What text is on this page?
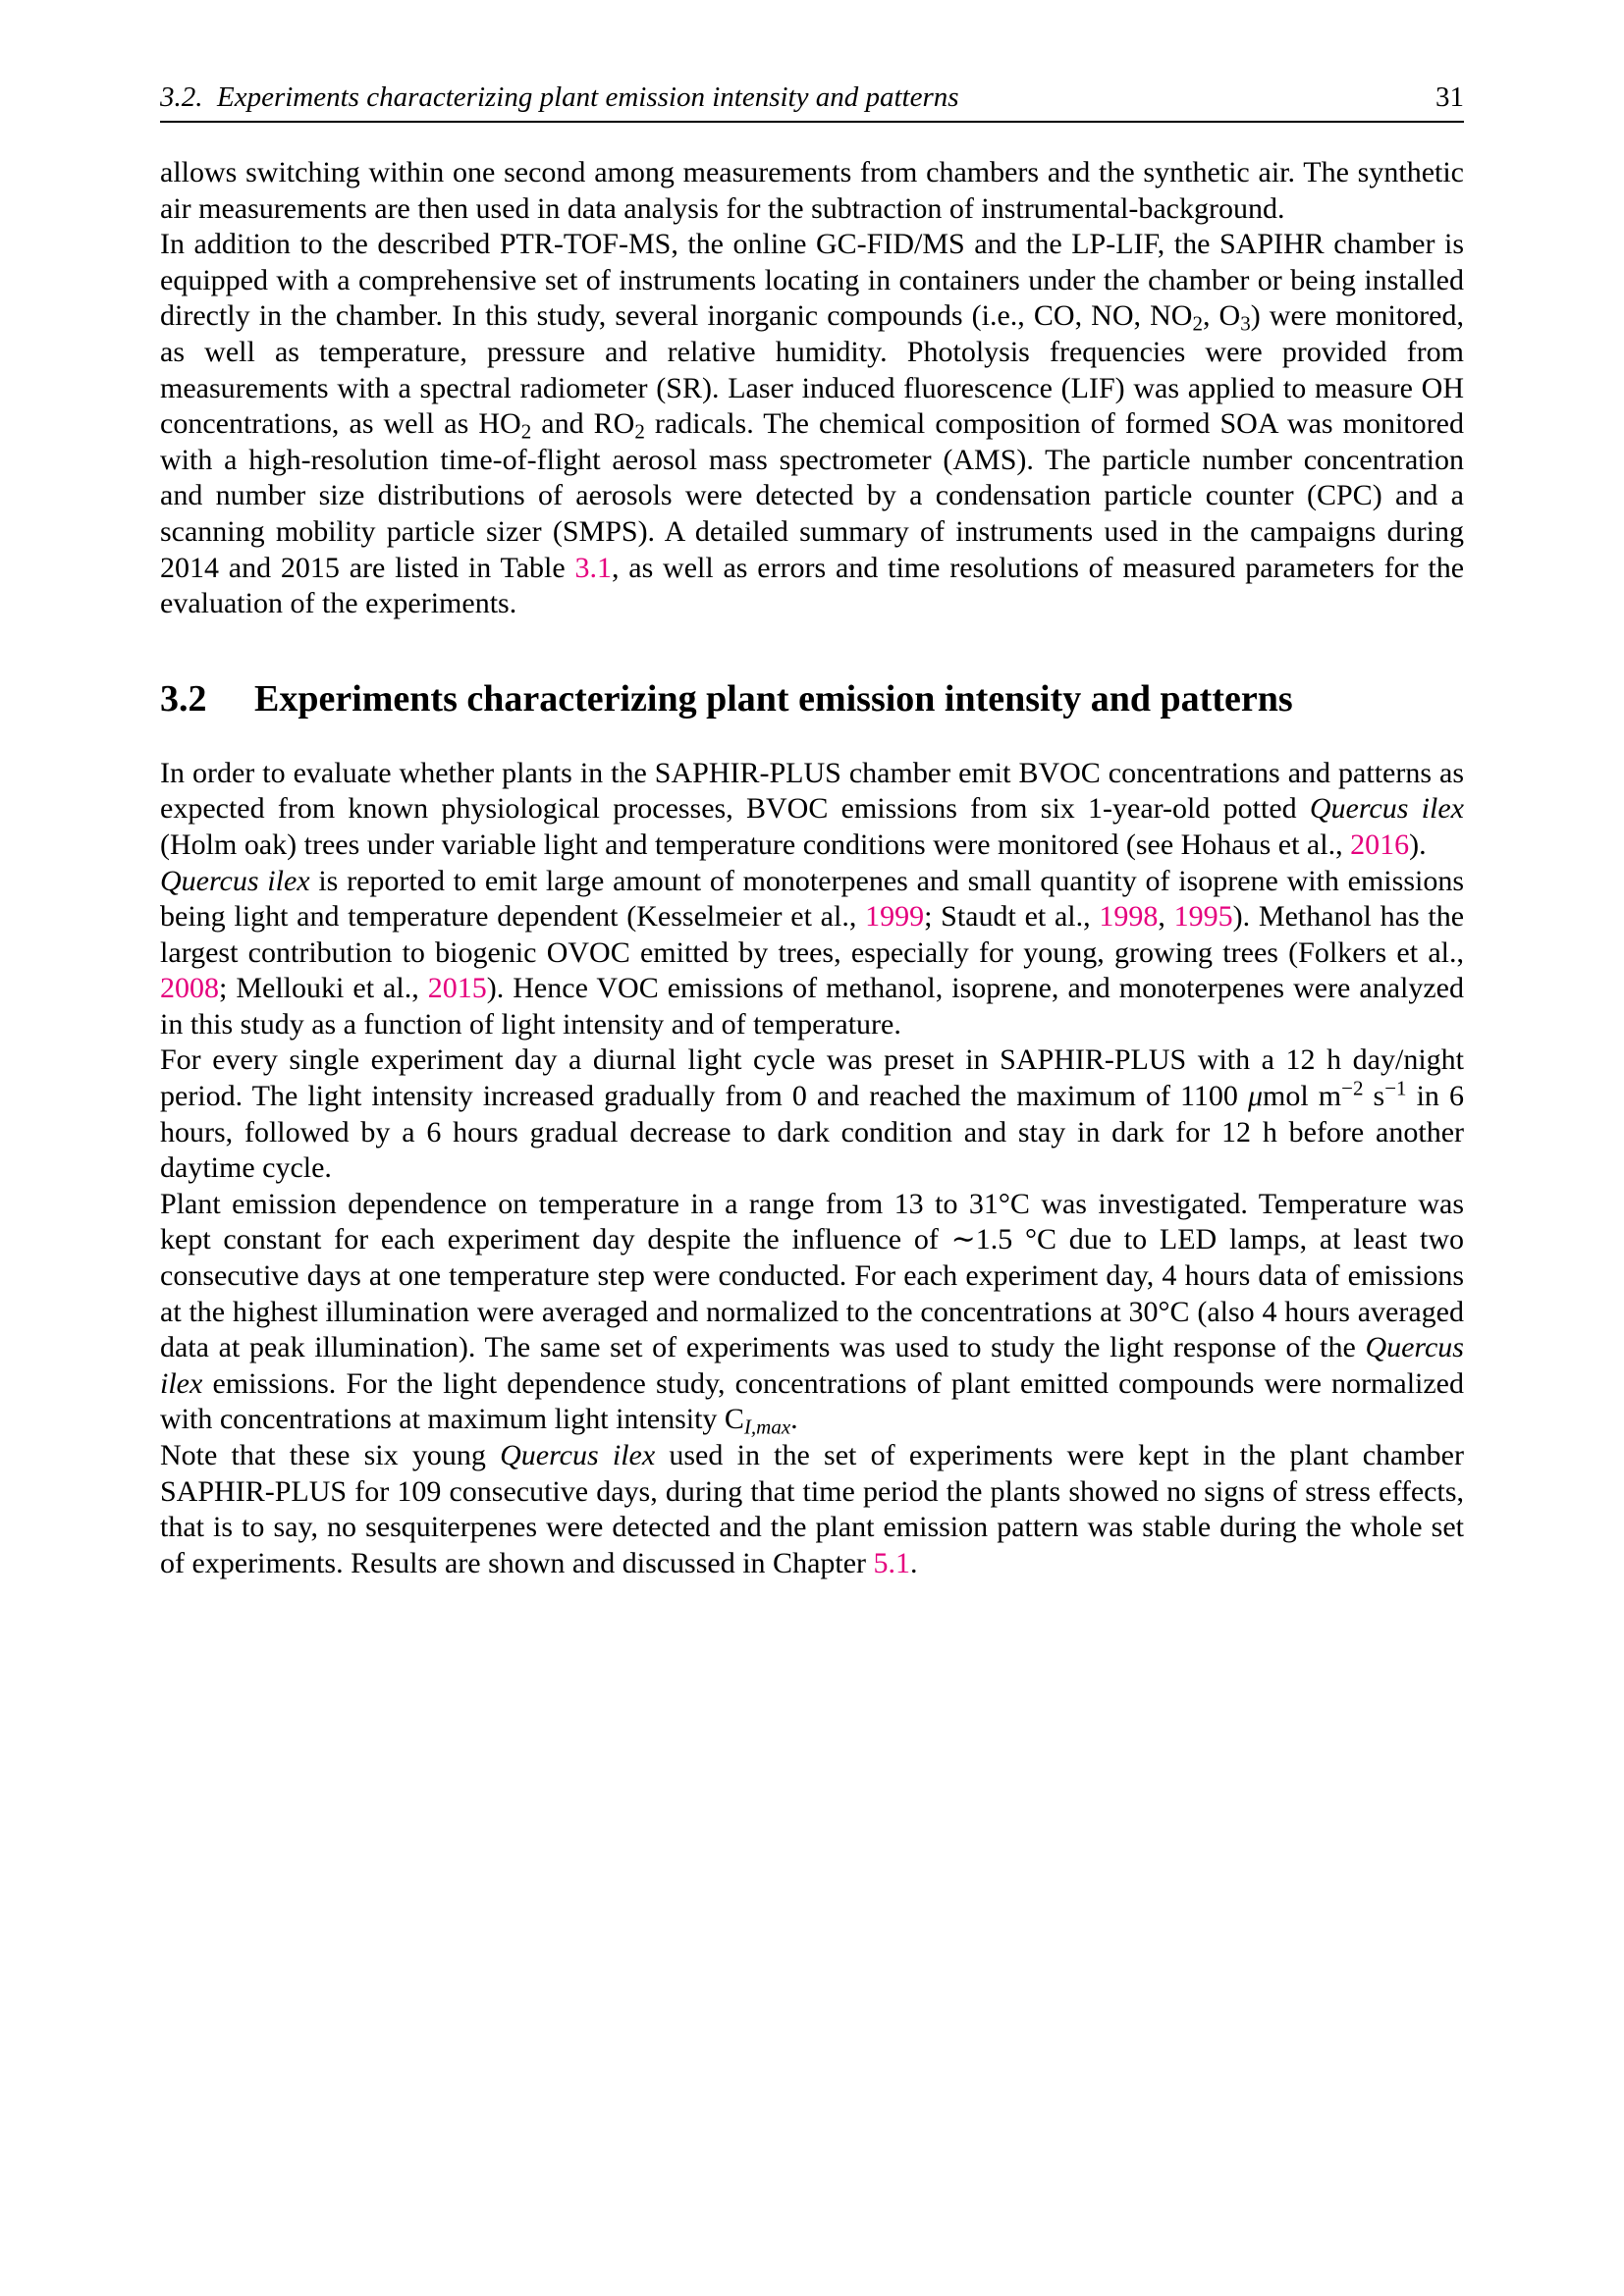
3.2. Experiments characterizing plant emission intensity and patterns	31

allows switching within one second among measurements from chambers and the synthetic air. The synthetic air measurements are then used in data analysis for the subtraction of instrumental-background.

In addition to the described PTR-TOF-MS, the online GC-FID/MS and the LP-LIF, the SAPIHR chamber is equipped with a comprehensive set of instruments locating in containers under the chamber or being installed directly in the chamber. In this study, several inorganic compounds (i.e., CO, NO, NO2, O3) were monitored, as well as temperature, pressure and relative humidity. Photolysis frequencies were provided from measurements with a spectral radiometer (SR). Laser induced fluorescence (LIF) was applied to measure OH concentrations, as well as HO2 and RO2 radicals. The chemical composition of formed SOA was monitored with a high-resolution time-of-flight aerosol mass spectrometer (AMS). The particle number concentration and number size distributions of aerosols were detected by a condensation particle counter (CPC) and a scanning mobility particle sizer (SMPS). A detailed summary of instruments used in the campaigns during 2014 and 2015 are listed in Table 3.1, as well as errors and time resolutions of measured parameters for the evaluation of the experiments.

3.2	Experiments characterizing plant emission intensity and patterns

In order to evaluate whether plants in the SAPHIR-PLUS chamber emit BVOC concentrations and patterns as expected from known physiological processes, BVOC emissions from six 1-year-old potted Quercus ilex (Holm oak) trees under variable light and temperature conditions were monitored (see Hohaus et al., 2016).

Quercus ilex is reported to emit large amount of monoterpenes and small quantity of isoprene with emissions being light and temperature dependent (Kesselmeier et al., 1999; Staudt et al., 1998, 1995). Methanol has the largest contribution to biogenic OVOC emitted by trees, especially for young, growing trees (Folkers et al., 2008; Mellouki et al., 2015). Hence VOC emissions of methanol, isoprene, and monoterpenes were analyzed in this study as a function of light intensity and of temperature.

For every single experiment day a diurnal light cycle was preset in SAPHIR-PLUS with a 12 h day/night period. The light intensity increased gradually from 0 and reached the maximum of 1100 μmol $m^{-2}$ $s^{-1}$ in 6 hours, followed by a 6 hours gradual decrease to dark condition and stay in dark for 12 h before another daytime cycle.

Plant emission dependence on temperature in a range from 13 to 31°C was investigated. Temperature was kept constant for each experiment day despite the influence of ∼1.5 °C due to LED lamps, at least two consecutive days at one temperature step were conducted. For each experiment day, 4 hours data of emissions at the highest illumination were averaged and normalized to the concentrations at 30°C (also 4 hours averaged data at peak illumination). The same set of experiments was used to study the light response of the Quercus ilex emissions. For the light dependence study, concentrations of plant emitted compounds were normalized with concentrations at maximum light intensity CI,max.

Note that these six young Quercus ilex used in the set of experiments were kept in the plant chamber SAPHIR-PLUS for 109 consecutive days, during that time period the plants showed no signs of stress effects, that is to say, no sesquiterpenes were detected and the plant emission pattern was stable during the whole set of experiments. Results are shown and discussed in Chapter 5.1.
